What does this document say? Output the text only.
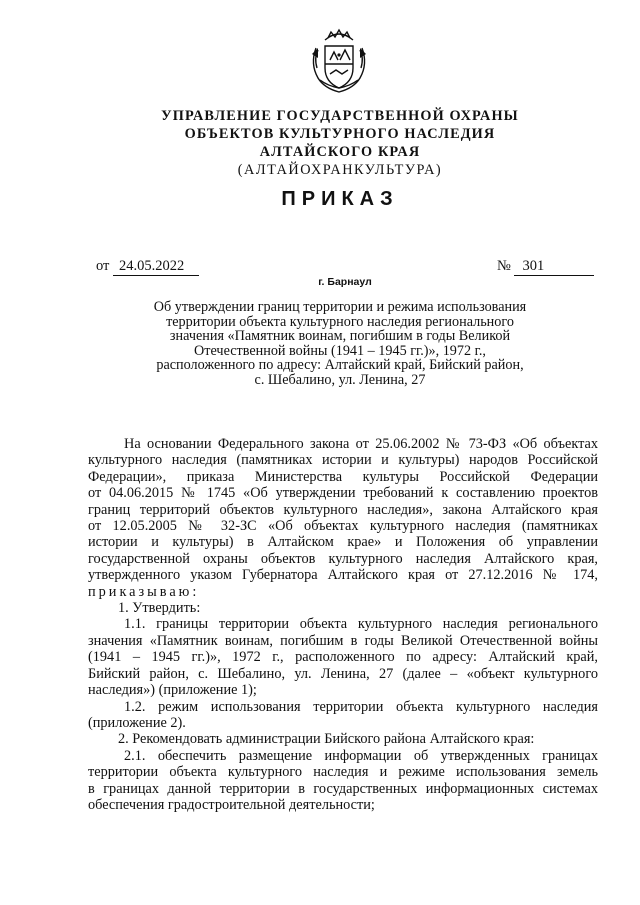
УПРАВЛЕНИЕ ГОСУДАРСТВЕННОЙ ОХРАНЫ
ОБЪЕКТОВ КУЛЬТУРНОГО НАСЛЕДИЯ
АЛТАЙСКОГО КРАЯ
(АЛТАЙОХРАНКУЛЬТУРА)
ПРИКАЗ
от 24.05.2022	№ 301
г. Барнаул
Об утверждении границ территории и режима использования
территории объекта культурного наследия регионального
значения «Памятник воинам, погибшим в годы Великой
Отечественной войны (1941 – 1945 гг.)», 1972 г.,
расположенного по адресу: Алтайский край, Бийский район,
с. Шебалино, ул. Ленина, 27

На основании Федерального закона от 25.06.2002 № 73-ФЗ «Об объектах

культурного наследия (памятниках истории и культуры) народов Российской

Федерации», приказа Министерства культуры Российской Федерации

от 04.06.2015 № 1745 «Об утверждении требований к составлению проектов

границ территорий объектов культурного наследия», закона Алтайского края

от 12.05.2005 № 32-ЗС «Об объектах культурного наследия (памятниках

истории и культуры) в Алтайском крае» и Положения об управлении

государственной охраны объектов культурного наследия Алтайского края,

утвержденного указом Губернатора Алтайского края от 27.12.2016 № 174,

приказываю:

1. Утвердить:

1.1. границы территории объекта культурного наследия регионального

значения «Памятник воинам, погибшим в годы Великой Отечественной войны

(1941 – 1945 гг.)», 1972 г., расположенного по адресу: Алтайский край,

Бийский район, с. Шебалино, ул. Ленина, 27 (далее – «объект культурного

наследия») (приложение 1);

1.2. режим использования территории объекта культурного наследия

(приложение 2).

2. Рекомендовать администрации Бийского района Алтайского края:

2.1. обеспечить размещение информации об утвержденных границах

территории объекта культурного наследия и режиме использования земель

в границах данной территории в государственных информационных системах

обеспечения градостроительной деятельности;
